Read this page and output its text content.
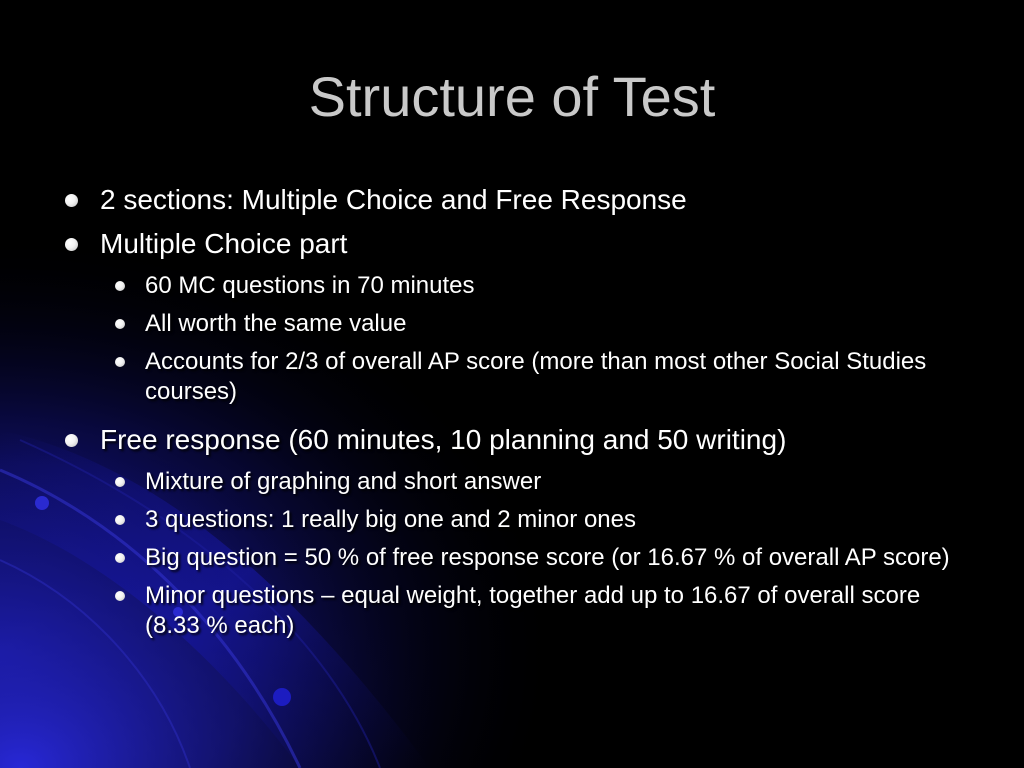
Structure of Test
2 sections: Multiple Choice and Free Response
Multiple Choice part
60 MC questions in 70 minutes
All worth the same value
Accounts for 2/3 of overall AP score (more than most other Social Studies courses)
Free response (60 minutes, 10 planning and 50 writing)
Mixture of graphing and short answer
3 questions: 1 really big one and 2 minor ones
Big question = 50 % of free response score (or 16.67 % of overall AP score)
Minor questions – equal weight, together add up to 16.67 of overall score (8.33 % each)
